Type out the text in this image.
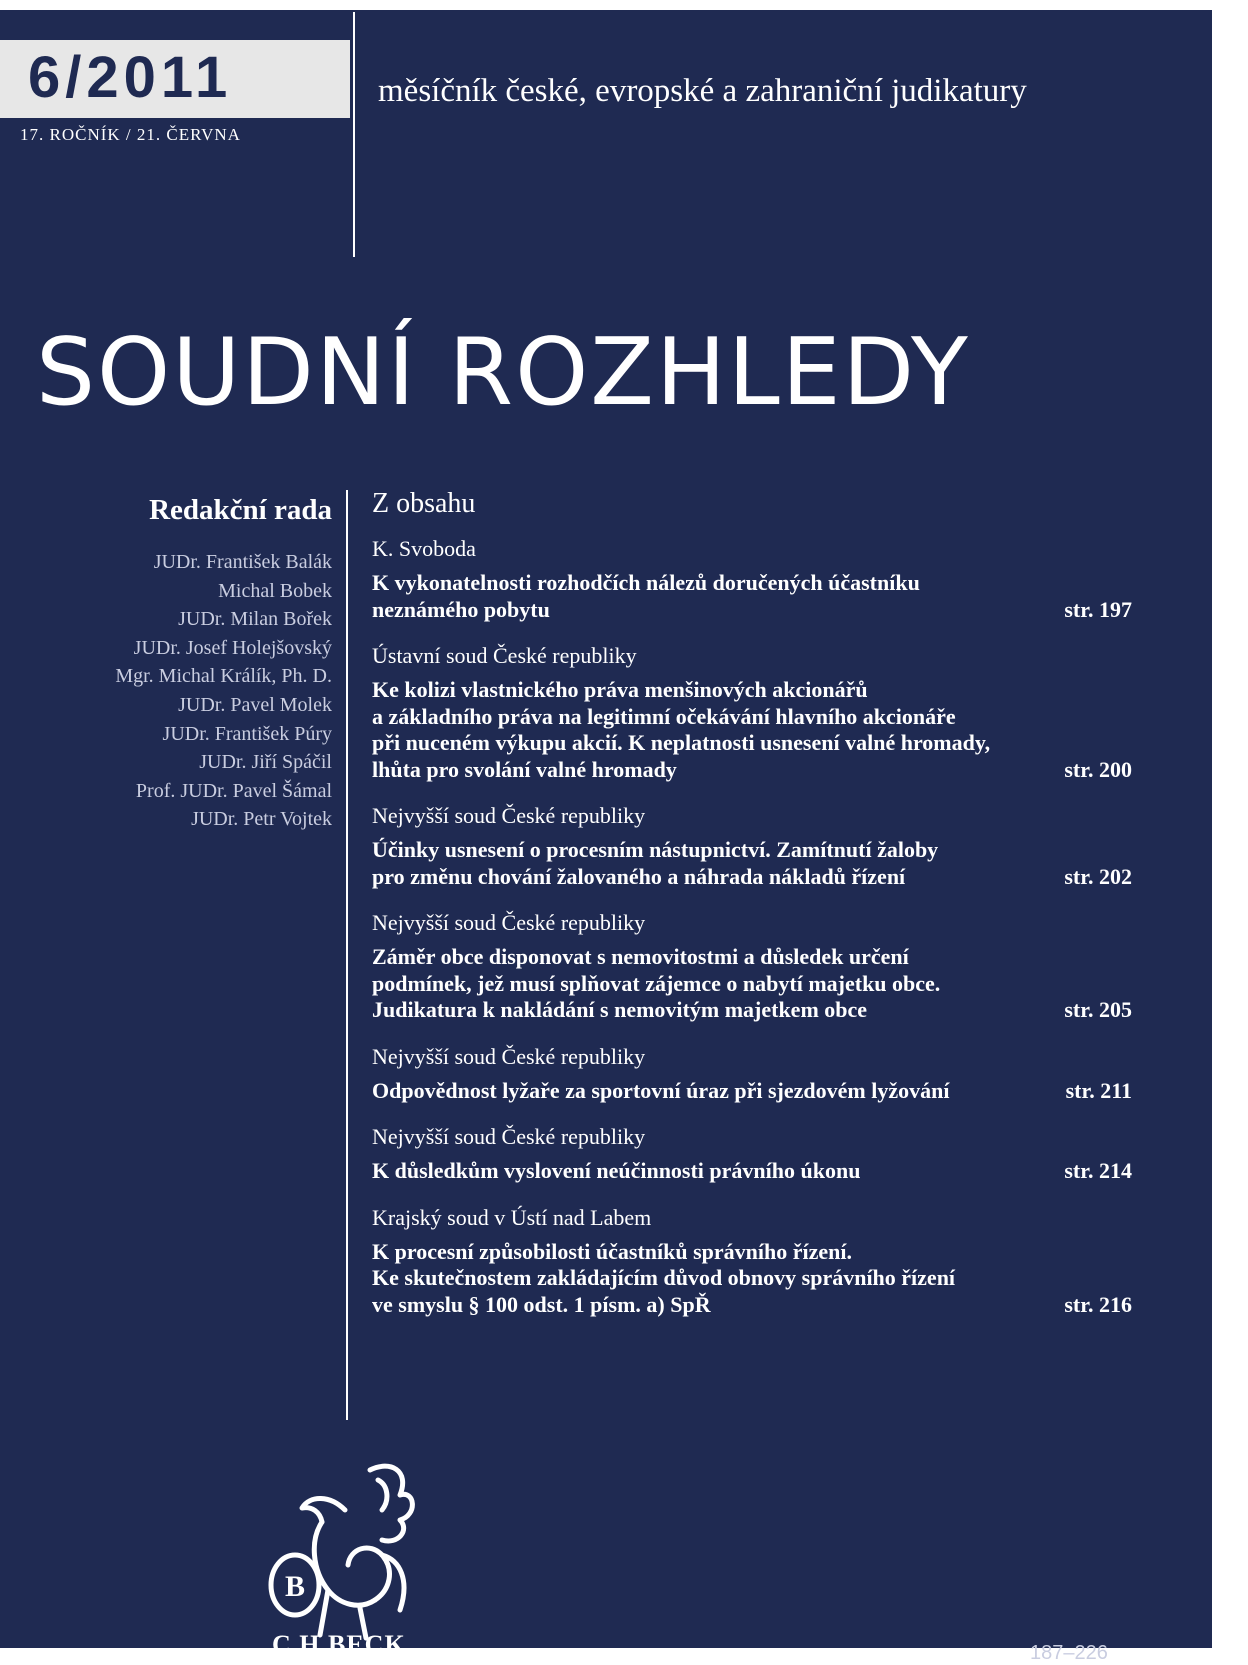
6/2011
17. ROČNÍK / 21. ČERVNA
měsíčník české, evropské a zahraniční judikatury
SOUDNÍ ROZHLEDY
Redakční rada
JUDr. František Balák
Michal Bobek
JUDr. Milan Bořek
JUDr. Josef Holejšovský
Mgr. Michal Králík, Ph. D.
JUDr. Pavel Molek
JUDr. František Púry
JUDr. Jiří Spáčil
Prof. JUDr. Pavel Šámal
JUDr. Petr Vojtek
Z obsahu
K. Svoboda
K vykonatelnosti rozhodčích nálezů doručených účastníku
neznámého pobytu	str. 197
Ústavní soud České republiky
Ke kolizi vlastnického práva menšinových akcionářů
a základního práva na legitimní očekávání hlavního akcionáře
při nuceném výkupu akcií. K neplatnosti usnesení valné hromady,
lhůta pro svolání valné hromady	str. 200
Nejvyšší soud České republiky
Účinky usnesení o procesním nástupnictví. Zamítnutí žaloby
pro změnu chování žalovaného a náhrada nákladů řízení	str. 202
Nejvyšší soud České republiky
Záměr obce disponovat s nemovitostmi a důsledek určení
podmínek, jež musí splňovat zájemce o nabytí majetku obce.
Judikatura k nakládání s nemovitým majetkem obce	str. 205
Nejvyšší soud České republiky
Odpovědnost lyžaře za sportovní úraz při sjezdovém lyžování	str. 211
Nejvyšší soud České republiky
K důsledkům vyslovení neúčinnosti právního úkonu	str. 214
Krajský soud v Ústí nad Labem
K procesní způsobilosti účastníků správního řízení.
Ke skutečnostem zakládajícím důvod obnovy správního řízení
ve smyslu § 100 odst. 1 písm. a) SpŘ	str. 216
B
C.H.BECK	187–226
